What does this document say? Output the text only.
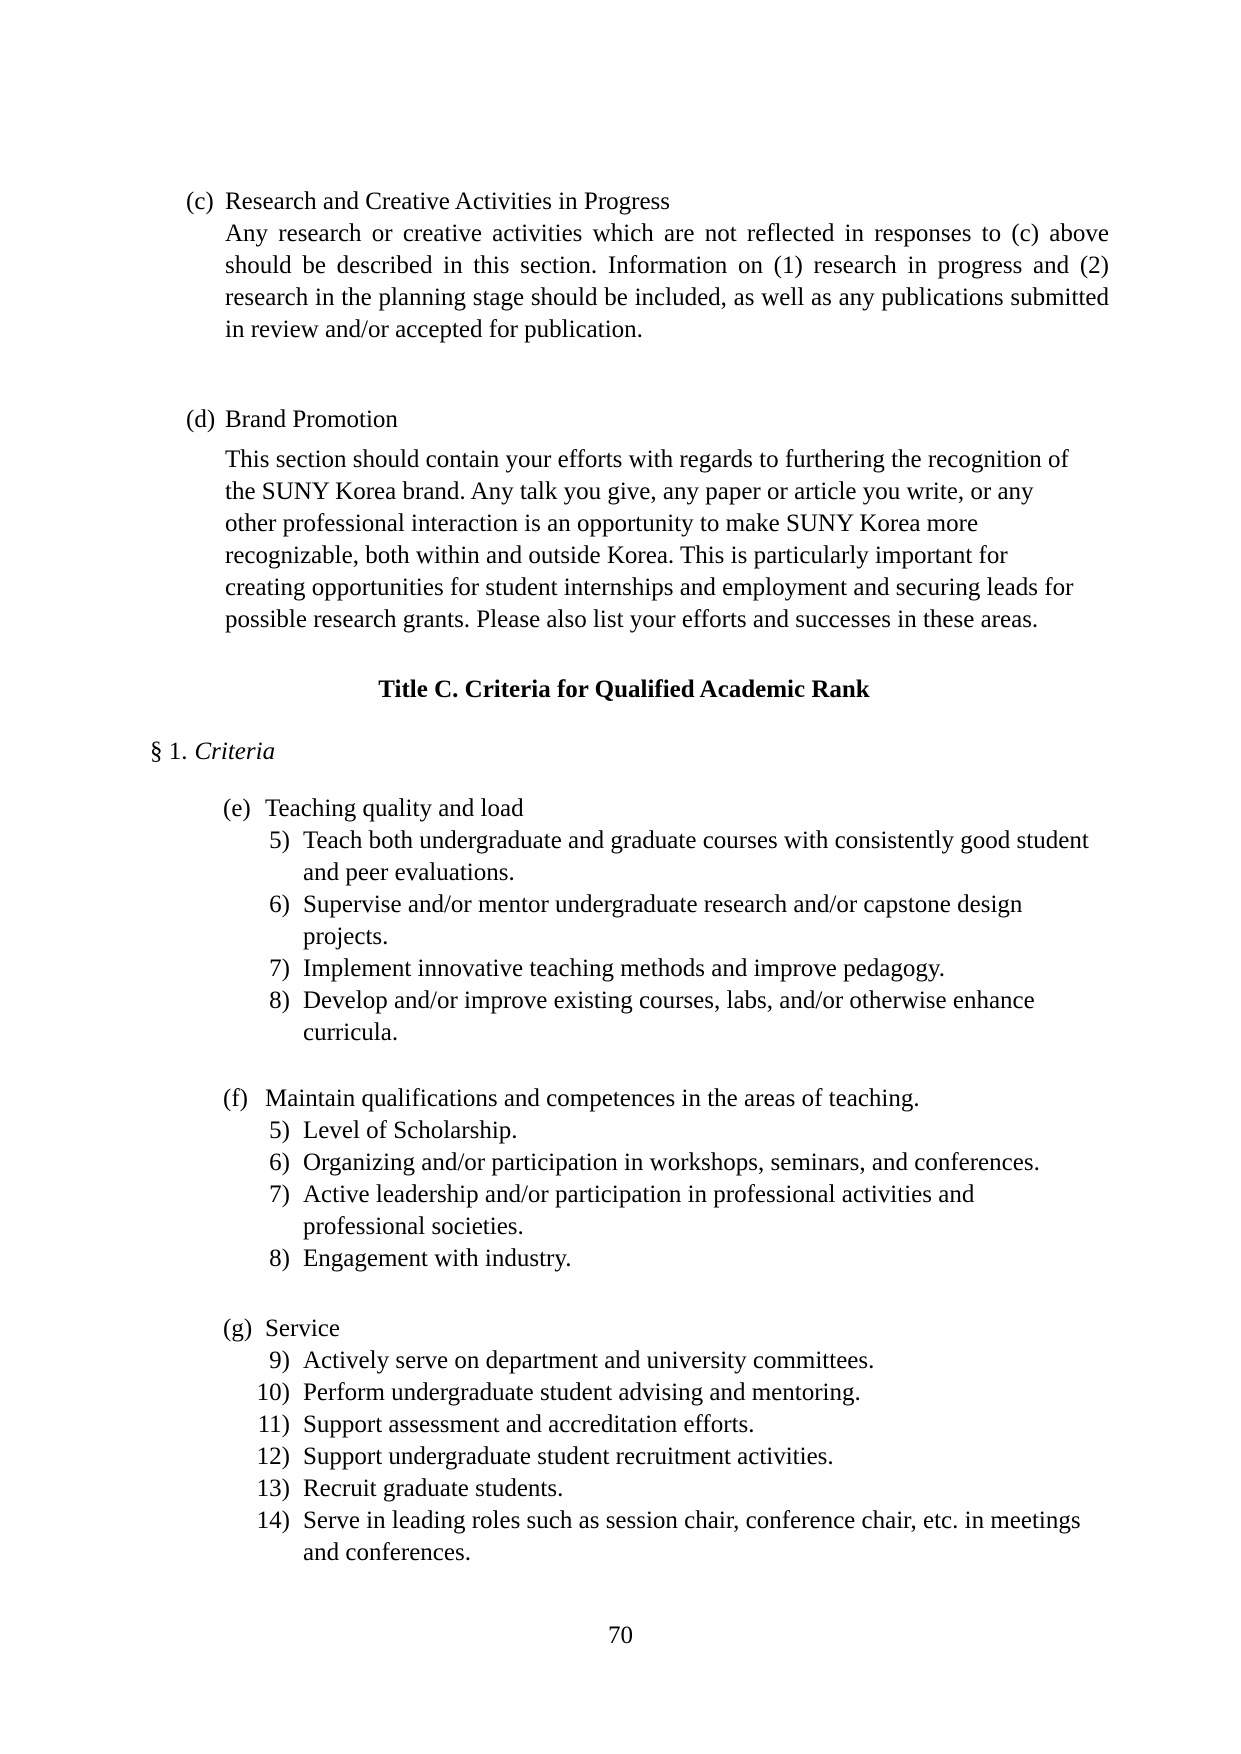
(c) Research and Creative Activities in Progress
Any research or creative activities which are not reflected in responses to (c) above
should be described in this section. Information on (1) research in progress and (2)
research in the planning stage should be included, as well as any publications submitted
in review and/or accepted for publication.
(d) Brand Promotion
This section should contain your efforts with regards to furthering the recognition of
the SUNY Korea brand. Any talk you give, any paper or article you write, or any
other professional interaction is an opportunity to make SUNY Korea more
recognizable, both within and outside Korea. This is particularly important for
creating opportunities for student internships and employment and securing leads for
possible research grants. Please also list your efforts and successes in these areas.
Title C. Criteria for Qualified Academic Rank
§ 1. Criteria
(e) Teaching quality and load
5) Teach both undergraduate and graduate courses with consistently good student
and peer evaluations.
6) Supervise and/or mentor undergraduate research and/or capstone design
projects.
7) Implement innovative teaching methods and improve pedagogy.
8) Develop and/or improve existing courses, labs, and/or otherwise enhance
curricula.
(f) Maintain qualifications and competences in the areas of teaching.
5) Level of Scholarship.
6) Organizing and/or participation in workshops, seminars, and conferences.
7) Active leadership and/or participation in professional activities and
professional societies.
8) Engagement with industry.
(g) Service
9) Actively serve on department and university committees.
10) Perform undergraduate student advising and mentoring.
11) Support assessment and accreditation efforts.
12) Support undergraduate student recruitment activities.
13) Recruit graduate students.
14) Serve in leading roles such as session chair, conference chair, etc. in meetings
and conferences.
70
